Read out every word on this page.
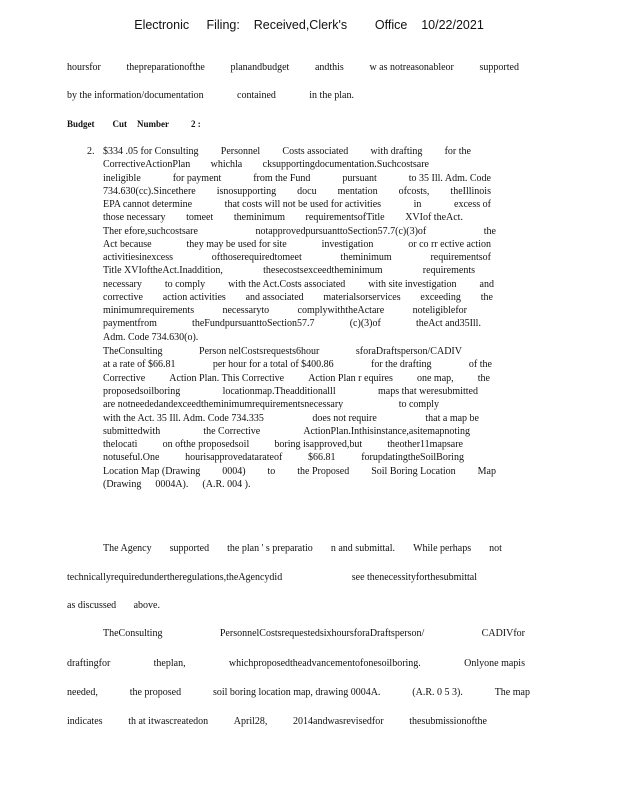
Electronic     Filing:    Received,Clerk's        Office    10/22/2021
hoursfor	thepreparationofthe	planandbudget	andthis	w as notreasonableor	supported
by the information/documentation	contained	in the plan.
Budget Cut Number 2 :
2. $334 .05 for Consulting Personnel Costs associated with drafting for the
CorrectiveActionPlan whichla cksupportingdocumentation.Suchcostsare
ineligible	for payment	from the Fund	pursuant	to 35 Ill. Adm. Code
734.630(cc).Sincethere isnosupporting docu mentation ofcosts, theIllinois
EPA cannot determine	that costs will not be used for activities	in	excess of
those necessary tomeet theminimum requirementsofTitle XVIof theAct.
Ther efore,suchcostsare	notapprovedpursuanttoSection57.7(c)(3)of	the
Act because	they may be used for site	investigation	or co rr ective action
activitiesinexcess	ofthoserequiredtomeet	theminimum	requirementsof
Title XVIoftheAct.Inaddition,	thesecostsexceedtheminimum	requirements
necessary to comply with the Act.Costs associated with site investigation and
corrective action activities and associated materialsorservices exceeding the
minimumrequirements	necessaryto	complywiththeActare	noteligiblefor
paymentfrom	theFundpursuanttoSection57.7	(c)(3)of	theAct and35Ill.
Adm. Code 734.630(o).
TheConsulting	Person nelCostsrequests6hour	sforaDraftsperson/CADIV
at a rate of $66.81	per hour for a total of $400.86	for the drafting	of the
Corrective Action Plan. This Corrective Action Plan r equires one map, the
proposedsoilboring	locationmap.Theadditionalll	maps that weresubmitted
are notneededandexceedtheminimumrequirementsnecessary	to comply
with the Act. 35 Ill. Adm. Code 734.335	does not require	that a map be
submittedwith	the Corrective	ActionPlan.Inthisinstance,asitemapnoting
thelocati	on ofthe proposedsoil	boring isapproved,but	theother11mapsare
notuseful.One	hourisapprovedatarateof	$66.81	forupdatingtheSoilBoring
Location Map (Drawing 0004) to the Proposed Soil Boring Location Map
(Drawing 0004A). (A.R. 004 ).
The Agency supported the plan ' s preparatio n and submittal. While perhaps not
technicallyrequiredundertheregulations,theAgencydid	see thenecessityforthesubmittal
as discussed above.
TheConsulting	PersonnelCostsrequestedsixhoursforaDraftsperson/	CADIVfor
draftingfor	theplan,	whichproposedtheadvancementofonesoilboring.	Onlyone mapis
needed,	the proposed	soil boring location map, drawing 0004A.	(A.R. 0 5 3).	The map
indicates	th at itwascreatedon	April28,	2014andwasrevisedfor	thesubmissionofthe
